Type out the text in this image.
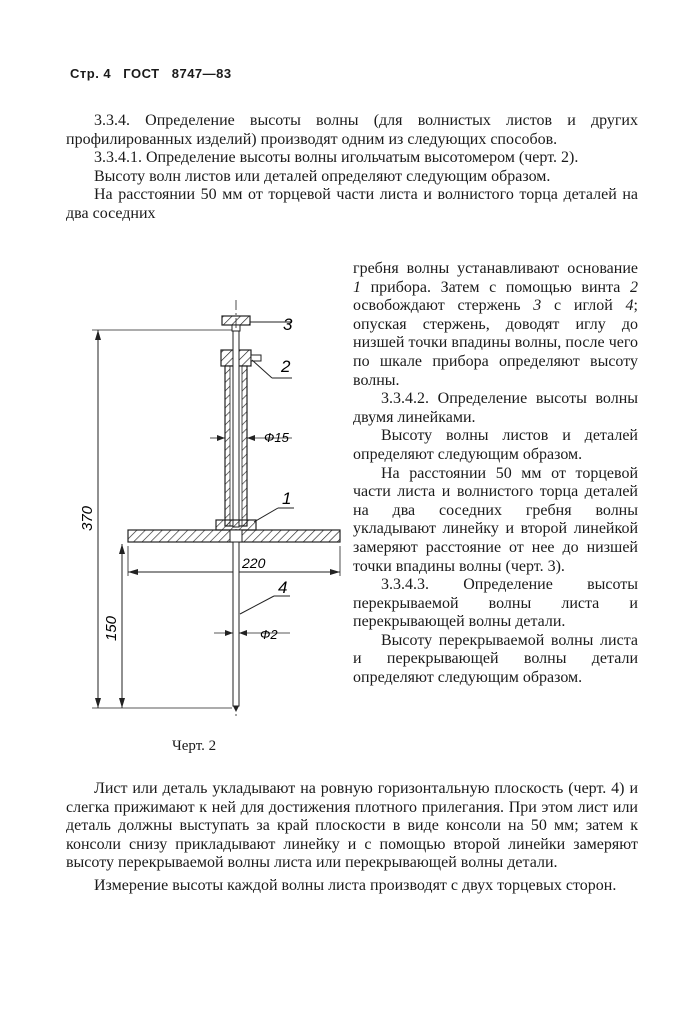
Стр. 4 ГОСТ 8747—83

3.3.4. Определение высоты волны (для волнистых листов и других профилированных изделий) производят одним из следующих способов.

3.3.4.1. Определение высоты волны игольчатым высотомером (черт. 2).

Высоту волн листов или деталей определяют следующим образом.

На расстоянии 50 мм от торцевой части листа и волнистого торца деталей на два соседних

гребня волны устанавливают основание 1 прибора. Затем с помощью винта 2 освобождают стержень 3 с иглой 4; опуская стержень, доводят иглу до низшей точки впадины волны, после чего по шкале прибора определяют высоту волны.

3.3.4.2. Определение высоты волны двумя линейками.

Высоту волны листов и деталей определяют следующим образом.

На расстоянии 50 мм от торцевой части листа и волнистого торца деталей на два соседних гребня волны укладывают линейку и второй линейкой замеряют расстояние от нее до низшей точки впадины волны (черт. 3).

3.3.4.3. Определение высоты перекрываемой волны листа и перекрывающей волны детали.

Высоту перекрываемой волны листа и перекрывающей волны детали определяют следующим образом.

370
150
220
Ф15
Ф2
3
2
1
4
Черт. 2

Лист или деталь укладывают на ровную горизонтальную плоскость (черт. 4) и слегка прижимают к ней для достижения плотного прилегания. При этом лист или деталь должны выступать за край плоскости в виде консоли на 50 мм; затем к консоли снизу прикладывают линейку и с помощью второй линейки замеряют высоту перекрываемой волны листа или перекрывающей волны детали.

Измерение высоты каждой волны листа производят с двух торцевых сторон.
